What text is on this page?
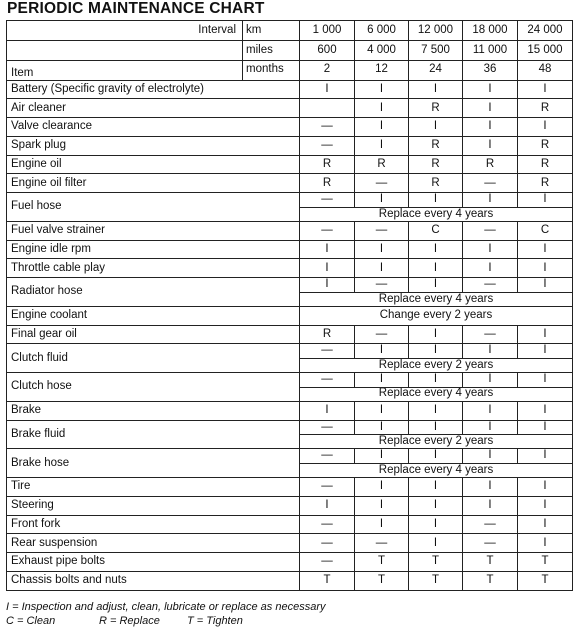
PERIODIC MAINTENANCE CHART
Interval	km	1 000	6 000	12 000	18 000	24 000
	miles	600	4 000	7 500	11 000	15 000
Item	months	2	12	24	36	48
Battery (Specific gravity of electrolyte)		I	I	I	I	I
Air cleaner			I	R	I	R
Valve clearance		—	I	I	I	I
Spark plug		—	I	R	I	R
Engine oil		R	R	R	R	R
Engine oil filter		R	—	R	—	R
Fuel hose		—	I	I	I	I
		Replace every 4 years				
Fuel valve strainer		—	—	C	—	C
Engine idle rpm		I	I	I	I	I
Throttle cable play		I	I	I	I	I
Radiator hose		I	—	I	—	I
		Replace every 4 years				
Engine coolant		Change every 2 years				
Final gear oil		R	—	I	—	I
Clutch fluid		—	I	I	I	I
		Replace every 2 years				
Clutch hose		—	I	I	I	I
		Replace every 4 years				
Brake		I	I	I	I	I
Brake fluid		—	I	I	I	I
		Replace every 2 years				
Brake hose		—	I	I	I	I
		Replace every 4 years				
Tire		—	I	I	I	I
Steering		I	I	I	I	I
Front fork		—	I	I	—	I
Rear suspension		—	—	I	—	I
Exhaust pipe bolts		—	T	T	T	T
Chassis bolts and nuts		T	T	T	T	T
I = Inspection and adjust, clean, lubricate or replace as necessary
C = Clean	R = Replace T = Tighten
